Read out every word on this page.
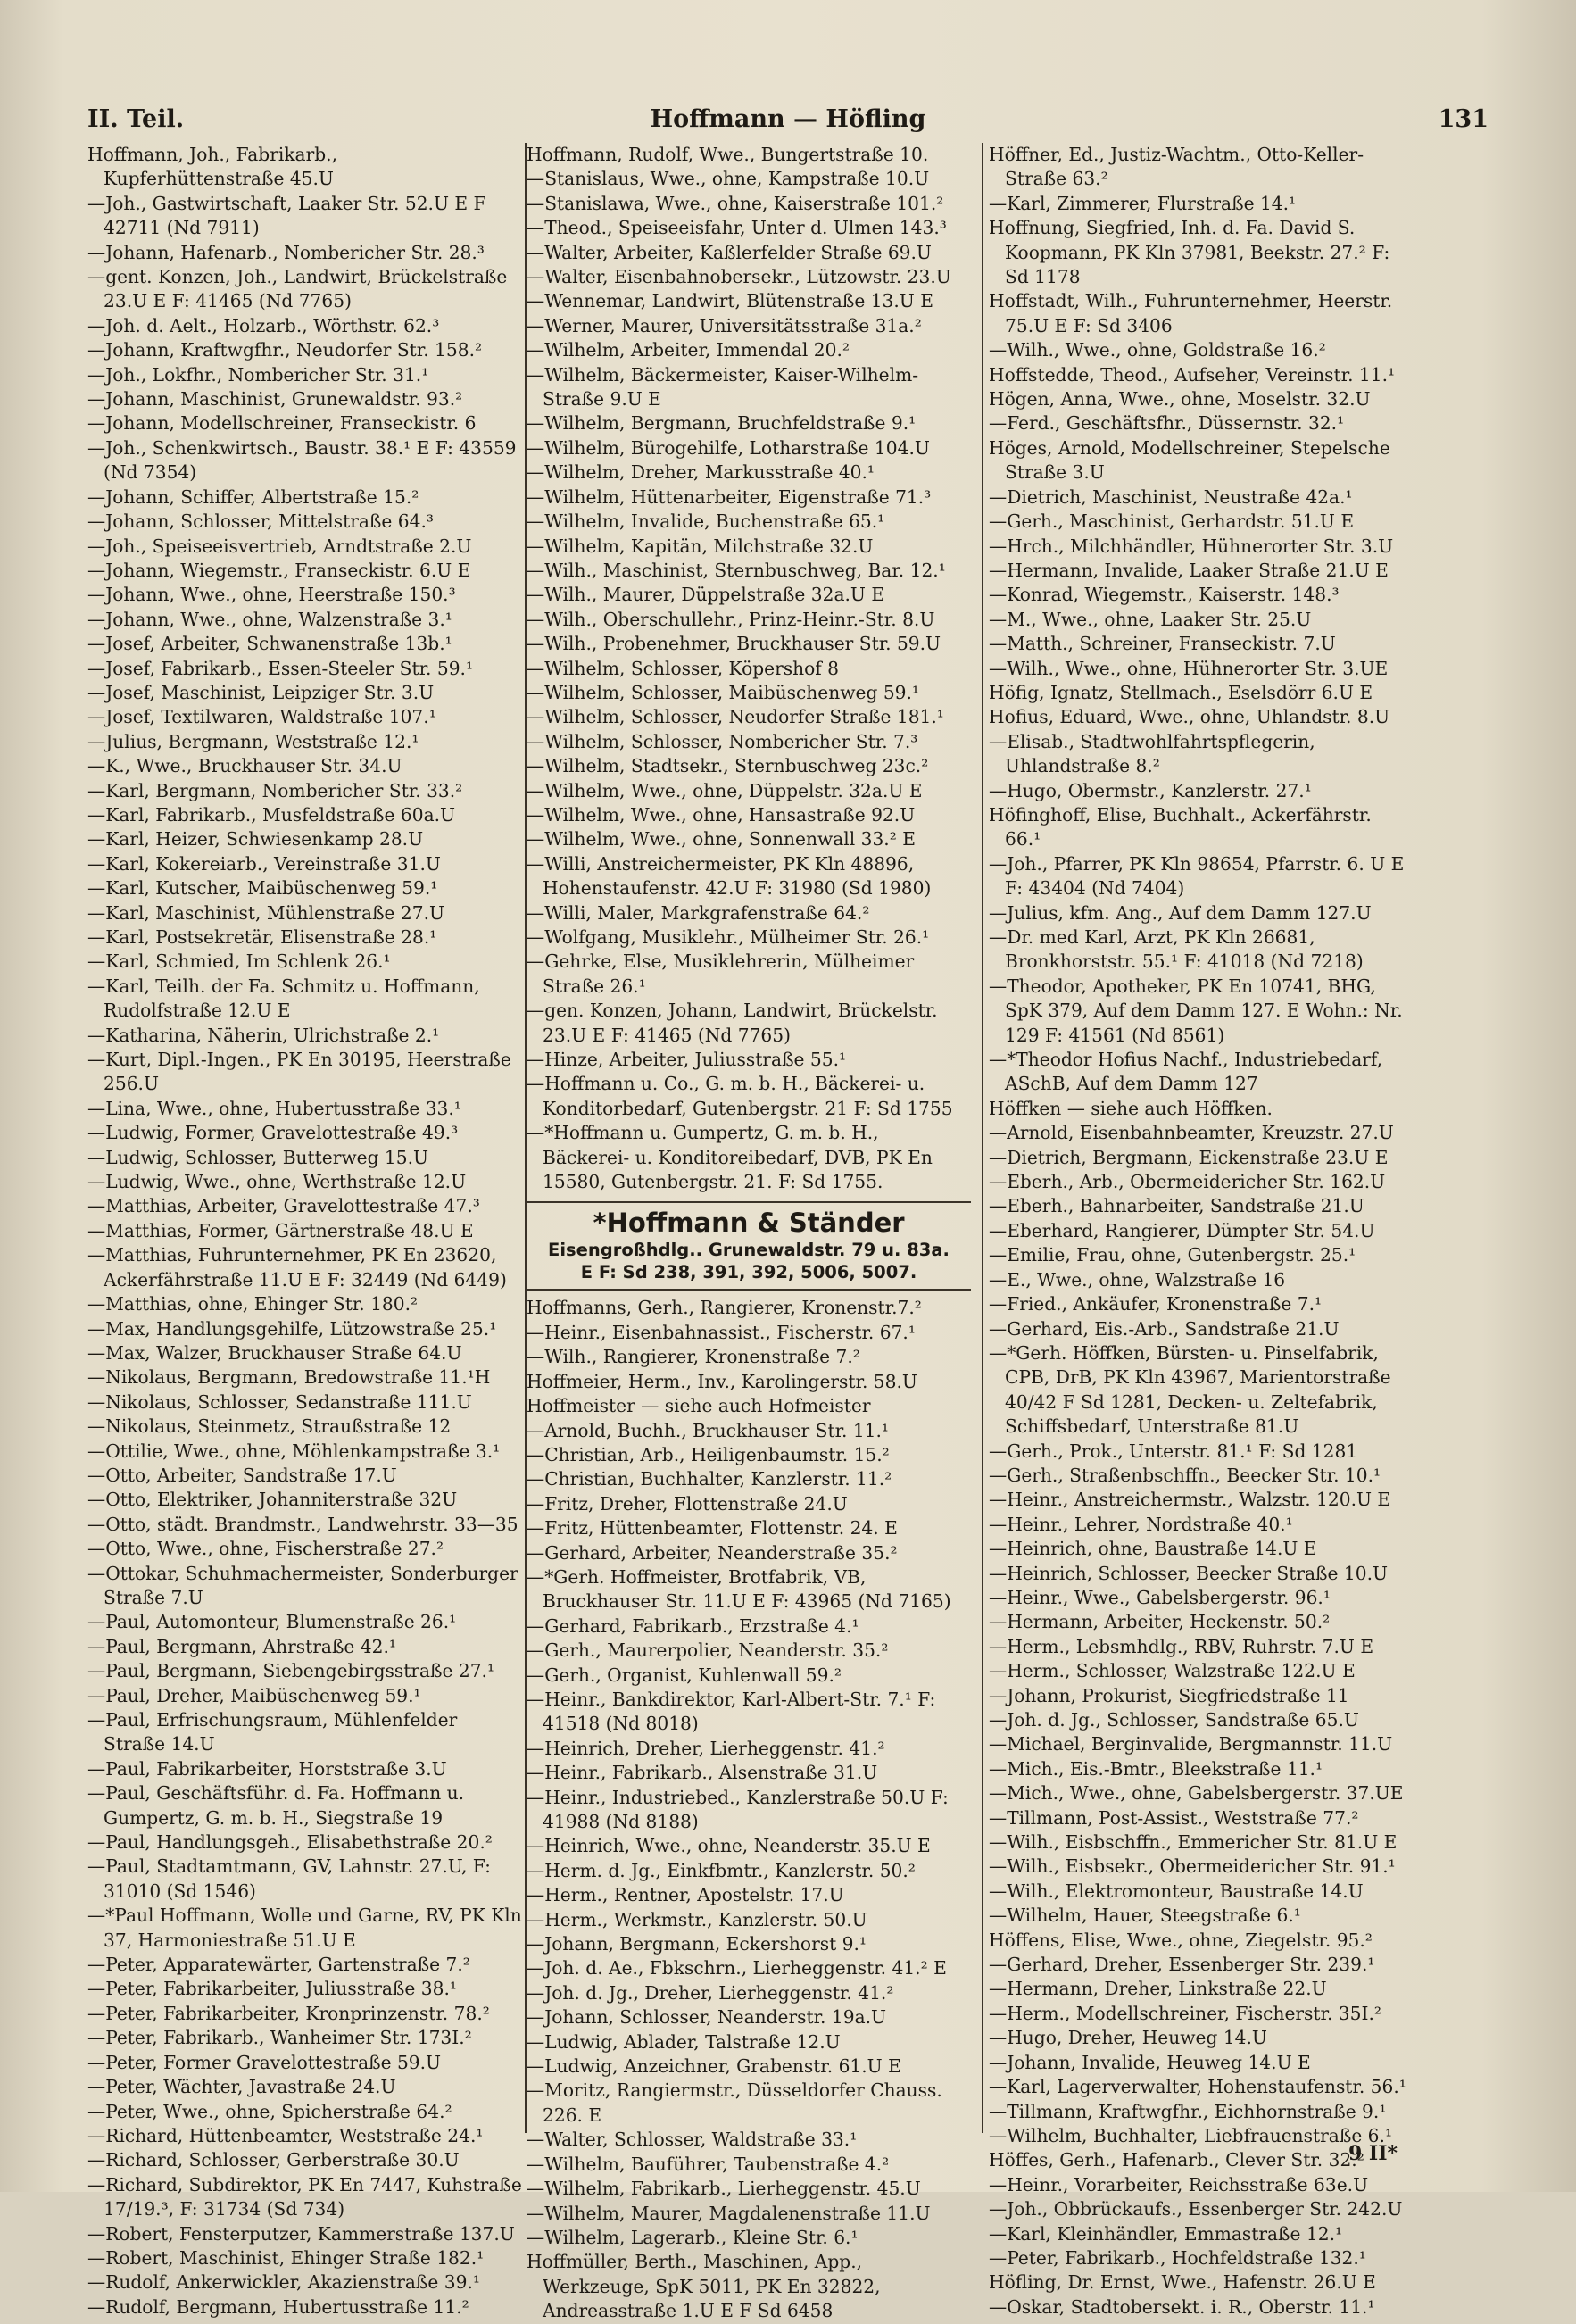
II. Teil.	Hoffmann — Höfling	131

Hoffmann, Joh., Fabrikarb., Kupferhüttenstraße 45.U

—Joh., Gastwirtschaft, Laaker Str. 52.U E F 42711 (Nd 7911)

—Johann, Hafenarb., Nombericher Str. 28.³

—gent. Konzen, Joh., Landwirt, Brückelstraße 23.U E F: 41465 (Nd 7765)

—Joh. d. Aelt., Holzarb., Wörthstr. 62.³

—Johann, Kraftwgfhr., Neudorfer Str. 158.²

—Joh., Lokfhr., Nombericher Str. 31.¹

—Johann, Maschinist, Grunewaldstr. 93.²

—Johann, Modellschreiner, Franseckistr. 6

—Joh., Schenkwirtsch., Baustr. 38.¹ E F: 43559 (Nd 7354)

—Johann, Schiffer, Albertstraße 15.²

—Johann, Schlosser, Mittelstraße 64.³

—Joh., Speiseeisvertrieb, Arndtstraße 2.U

—Johann, Wiegemstr., Franseckistr. 6.U E

—Johann, Wwe., ohne, Heerstraße 150.³

—Johann, Wwe., ohne, Walzenstraße 3.¹

—Josef, Arbeiter, Schwanenstraße 13b.¹

—Josef, Fabrikarb., Essen-Steeler Str. 59.¹

—Josef, Maschinist, Leipziger Str. 3.U

—Josef, Textilwaren, Waldstraße 107.¹

—Julius, Bergmann, Weststraße 12.¹

—K., Wwe., Bruckhauser Str. 34.U

—Karl, Bergmann, Nombericher Str. 33.²

—Karl, Fabrikarb., Musfeldstraße 60a.U

—Karl, Heizer, Schwiesenkamp 28.U

—Karl, Kokereiarb., Vereinstraße 31.U

—Karl, Kutscher, Maibüschenweg 59.¹

—Karl, Maschinist, Mühlenstraße 27.U

—Karl, Postsekretär, Elisenstraße 28.¹

—Karl, Schmied, Im Schlenk 26.¹

—Karl, Teilh. der Fa. Schmitz u. Hoffmann, Rudolfstraße 12.U E

—Katharina, Näherin, Ulrichstraße 2.¹

—Kurt, Dipl.-Ingen., PK En 30195, Heerstraße 256.U

—Lina, Wwe., ohne, Hubertusstraße 33.¹

—Ludwig, Former, Gravelottestraße 49.³

—Ludwig, Schlosser, Butterweg 15.U

—Ludwig, Wwe., ohne, Werthstraße 12.U

—Matthias, Arbeiter, Gravelottestraße 47.³

—Matthias, Former, Gärtnerstraße 48.U E

—Matthias, Fuhrunternehmer, PK En 23620, Ackerfährstraße 11.U E F: 32449 (Nd 6449)

—Matthias, ohne, Ehinger Str. 180.²

—Max, Handlungsgehilfe, Lützowstraße 25.¹

—Max, Walzer, Bruckhauser Straße 64.U

—Nikolaus, Bergmann, Bredowstraße 11.¹H

—Nikolaus, Schlosser, Sedanstraße 111.U

—Nikolaus, Steinmetz, Straußstraße 12

—Ottilie, Wwe., ohne, Möhlenkampstraße 3.¹

—Otto, Arbeiter, Sandstraße 17.U

—Otto, Elektriker, Johanniterstraße 32U

—Otto, städt. Brandmstr., Landwehrstr. 33—35

—Otto, Wwe., ohne, Fischerstraße 27.²

—Ottokar, Schuhmachermeister, Sonderburger Straße 7.U

—Paul, Automonteur, Blumenstraße 26.¹

—Paul, Bergmann, Ahrstraße 42.¹

—Paul, Bergmann, Siebengebirgsstraße 27.¹

—Paul, Dreher, Maibüschenweg 59.¹

—Paul, Erfrischungsraum, Mühlenfelder Straße 14.U

—Paul, Fabrikarbeiter, Horststraße 3.U

—Paul, Geschäftsführ. d. Fa. Hoffmann u. Gumpertz, G. m. b. H., Siegstraße 19

—Paul, Handlungsgeh., Elisabethstraße 20.²

—Paul, Stadtamtmann, GV, Lahnstr. 27.U, F: 31010 (Sd 1546)

—*Paul Hoffmann, Wolle und Garne, RV, PK Kln 37, Harmoniestraße 51.U E

—Peter, Apparatewärter, Gartenstraße 7.²

—Peter, Fabrikarbeiter, Juliusstraße 38.¹

—Peter, Fabrikarbeiter, Kronprinzenstr. 78.²

—Peter, Fabrikarb., Wanheimer Str. 173I.²

—Peter, Former Gravelottestraße 59.U

—Peter, Wächter, Javastraße 24.U

—Peter, Wwe., ohne, Spicherstraße 64.²

—Richard, Hüttenbeamter, Weststraße 24.¹

—Richard, Schlosser, Gerberstraße 30.U

—Richard, Subdirektor, PK En 7447, Kuhstraße 17/19.³, F: 31734 (Sd 734)

—Robert, Fensterputzer, Kammerstraße 137.U

—Robert, Maschinist, Ehinger Straße 182.¹

—Rudolf, Ankerwickler, Akazienstraße 39.¹

—Rudolf, Bergmann, Hubertusstraße 11.²

Hoffmann, Rudolf, Wwe., Bungertstraße 10.

—Stanislaus, Wwe., ohne, Kampstraße 10.U

—Stanislawa, Wwe., ohne, Kaiserstraße 101.²

—Theod., Speiseeisfahr, Unter d. Ulmen 143.³

—Walter, Arbeiter, Kaßlerfelder Straße 69.U

—Walter, Eisenbahnobersekr., Lützowstr. 23.U

—Wennemar, Landwirt, Blütenstraße 13.U E

—Werner, Maurer, Universitätsstraße 31a.²

—Wilhelm, Arbeiter, Immendal 20.²

—Wilhelm, Bäckermeister, Kaiser-Wilhelm-Straße 9.U E

—Wilhelm, Bergmann, Bruchfeldstraße 9.¹

—Wilhelm, Bürogehilfe, Lotharstraße 104.U

—Wilhelm, Dreher, Markusstraße 40.¹

—Wilhelm, Hüttenarbeiter, Eigenstraße 71.³

—Wilhelm, Invalide, Buchenstraße 65.¹

—Wilhelm, Kapitän, Milchstraße 32.U

—Wilh., Maschinist, Sternbuschweg, Bar. 12.¹

—Wilh., Maurer, Düppelstraße 32a.U E

—Wilh., Oberschullehr., Prinz-Heinr.-Str. 8.U

—Wilh., Probenehmer, Bruckhauser Str. 59.U

—Wilhelm, Schlosser, Köpershof 8

—Wilhelm, Schlosser, Maibüschenweg 59.¹

—Wilhelm, Schlosser, Neudorfer Straße 181.¹

—Wilhelm, Schlosser, Nombericher Str. 7.³

—Wilhelm, Stadtsekr., Sternbuschweg 23c.²

—Wilhelm, Wwe., ohne, Düppelstr. 32a.U E

—Wilhelm, Wwe., ohne, Hansastraße 92.U

—Wilhelm, Wwe., ohne, Sonnenwall 33.² E

—Willi, Anstreichermeister, PK Kln 48896, Hohenstaufenstr. 42.U F: 31980 (Sd 1980)

—Willi, Maler, Markgrafenstraße 64.²

—Wolfgang, Musiklehr., Mülheimer Str. 26.¹

—Gehrke, Else, Musiklehrerin, Mülheimer Straße 26.¹

—gen. Konzen, Johann, Landwirt, Brückelstr. 23.U E F: 41465 (Nd 7765)

—Hinze, Arbeiter, Juliusstraße 55.¹

—Hoffmann u. Co., G. m. b. H., Bäckerei- u. Konditorbedarf, Gutenbergstr. 21 F: Sd 1755

—*Hoffmann u. Gumpertz, G. m. b. H., Bäckerei- u. Konditoreibedarf, DVB, PK En 15580, Gutenbergstr. 21. F: Sd 1755.

*Hoffmann & Ständer
Eisengroßhdlg.. Grunewaldstr. 79 u. 83a.
E F: Sd 238, 391, 392, 5006, 5007.

Hoffmanns, Gerh., Rangierer, Kronenstr.7.²

—Heinr., Eisenbahnassist., Fischerstr. 67.¹

—Wilh., Rangierer, Kronenstraße 7.²

Hoffmeier, Herm., Inv., Karolingerstr. 58.U

Hoffmeister — siehe auch Hofmeister

—Arnold, Buchh., Bruckhauser Str. 11.¹

—Christian, Arb., Heiligenbaumstr. 15.²

—Christian, Buchhalter, Kanzlerstr. 11.²

—Fritz, Dreher, Flottenstraße 24.U

—Fritz, Hüttenbeamter, Flottenstr. 24. E

—Gerhard, Arbeiter, Neanderstraße 35.²

—*Gerh. Hoffmeister, Brotfabrik, VB, Bruckhauser Str. 11.U E F: 43965 (Nd 7165)

—Gerhard, Fabrikarb., Erzstraße 4.¹

—Gerh., Maurerpolier, Neanderstr. 35.²

—Gerh., Organist, Kuhlenwall 59.²

—Heinr., Bankdirektor, Karl-Albert-Str. 7.¹ F: 41518 (Nd 8018)

—Heinrich, Dreher, Lierheggenstr. 41.²

—Heinr., Fabrikarb., Alsenstraße 31.U

—Heinr., Industriebed., Kanzlerstraße 50.U F: 41988 (Nd 8188)

—Heinrich, Wwe., ohne, Neanderstr. 35.U E

—Herm. d. Jg., Einkfbmtr., Kanzlerstr. 50.²

—Herm., Rentner, Apostelstr. 17.U

—Herm., Werkmstr., Kanzlerstr. 50.U

—Johann, Bergmann, Eckershorst 9.¹

—Joh. d. Ae., Fbkschrn., Lierheggenstr. 41.² E

—Joh. d. Jg., Dreher, Lierheggenstr. 41.²

—Johann, Schlosser, Neanderstr. 19a.U

—Ludwig, Ablader, Talstraße 12.U

—Ludwig, Anzeichner, Grabenstr. 61.U E

—Moritz, Rangiermstr., Düsseldorfer Chauss. 226. E

—Walter, Schlosser, Waldstraße 33.¹

—Wilhelm, Bauführer, Taubenstraße 4.²

—Wilhelm, Fabrikarb., Lierheggenstr. 45.U

—Wilhelm, Maurer, Magdalenenstraße 11.U

—Wilhelm, Lagerarb., Kleine Str. 6.¹

Hoffmüller, Berth., Maschinen, App., Werkzeuge, SpK 5011, PK En 32822, Andreasstraße 1.U E F Sd 6458

Höffner, Ed., Justiz-Wachtm., Otto-Keller-Straße 63.²

—Karl, Zimmerer, Flurstraße 14.¹

Hoffnung, Siegfried, Inh. d. Fa. David S. Koopmann, PK Kln 37981, Beekstr. 27.² F: Sd 1178

Hoffstadt, Wilh., Fuhrunternehmer, Heerstr. 75.U E F: Sd 3406

—Wilh., Wwe., ohne, Goldstraße 16.²

Hoffstedde, Theod., Aufseher, Vereinstr. 11.¹

Högen, Anna, Wwe., ohne, Moselstr. 32.U

—Ferd., Geschäftsfhr., Düssernstr. 32.¹

Höges, Arnold, Modellschreiner, Stepelsche Straße 3.U

—Dietrich, Maschinist, Neustraße 42a.¹

—Gerh., Maschinist, Gerhardstr. 51.U E

—Hrch., Milchhändler, Hühnerorter Str. 3.U

—Hermann, Invalide, Laaker Straße 21.U E

—Konrad, Wiegemstr., Kaiserstr. 148.³

—M., Wwe., ohne, Laaker Str. 25.U

—Matth., Schreiner, Franseckistr. 7.U

—Wilh., Wwe., ohne, Hühnerorter Str. 3.UE

Höfig, Ignatz, Stellmach., Eselsdörr 6.U E

Hofius, Eduard, Wwe., ohne, Uhlandstr. 8.U

—Elisab., Stadtwohlfahrtspflegerin, Uhlandstraße 8.²

—Hugo, Obermstr., Kanzlerstr. 27.¹

Höfinghoff, Elise, Buchhalt., Ackerfährstr. 66.¹

—Joh., Pfarrer, PK Kln 98654, Pfarrstr. 6. U E F: 43404 (Nd 7404)

—Julius, kfm. Ang., Auf dem Damm 127.U

—Dr. med Karl, Arzt, PK Kln 26681, Bronkhorststr. 55.¹ F: 41018 (Nd 7218)

—Theodor, Apotheker, PK En 10741, BHG, SpK 379, Auf dem Damm 127. E Wohn.: Nr. 129 F: 41561 (Nd 8561)

—*Theodor Hofius Nachf., Industriebedarf, ASchB, Auf dem Damm 127

Höffken — siehe auch Höffken.

—Arnold, Eisenbahnbeamter, Kreuzstr. 27.U

—Dietrich, Bergmann, Eickenstraße 23.U E

—Eberh., Arb., Obermeidericher Str. 162.U

—Eberh., Bahnarbeiter, Sandstraße 21.U

—Eberhard, Rangierer, Dümpter Str. 54.U

—Emilie, Frau, ohne, Gutenbergstr. 25.¹

—E., Wwe., ohne, Walzstraße 16

—Fried., Ankäufer, Kronenstraße 7.¹

—Gerhard, Eis.-Arb., Sandstraße 21.U

—*Gerh. Höffken, Bürsten- u. Pinselfabrik, CPB, DrB, PK Kln 43967, Marientorstraße 40/42 F Sd 1281, Decken- u. Zeltefabrik, Schiffsbedarf, Unterstraße 81.U

—Gerh., Prok., Unterstr. 81.¹ F: Sd 1281

—Gerh., Straßenbschffn., Beecker Str. 10.¹

—Heinr., Anstreichermstr., Walzstr. 120.U E

—Heinr., Lehrer, Nordstraße 40.¹

—Heinrich, ohne, Baustraße 14.U E

—Heinrich, Schlosser, Beecker Straße 10.U

—Heinr., Wwe., Gabelsbergerstr. 96.¹

—Hermann, Arbeiter, Heckenstr. 50.²

—Herm., Lebsmhdlg., RBV, Ruhrstr. 7.U E

—Herm., Schlosser, Walzstraße 122.U E

—Johann, Prokurist, Siegfriedstraße 11

—Joh. d. Jg., Schlosser, Sandstraße 65.U

—Michael, Berginvalide, Bergmannstr. 11.U

—Mich., Eis.-Bmtr., Bleekstraße 11.¹

—Mich., Wwe., ohne, Gabelsbergerstr. 37.UE

—Tillmann, Post-Assist., Weststraße 77.²

—Wilh., Eisbschffn., Emmericher Str. 81.U E

—Wilh., Eisbsekr., Obermeidericher Str. 91.¹

—Wilh., Elektromonteur, Baustraße 14.U

—Wilhelm, Hauer, Steegstraße 6.¹

Höffens, Elise, Wwe., ohne, Ziegelstr. 95.²

—Gerhard, Dreher, Essenberger Str. 239.¹

—Hermann, Dreher, Linkstraße 22.U

—Herm., Modellschreiner, Fischerstr. 35I.²

—Hugo, Dreher, Heuweg 14.U

—Johann, Invalide, Heuweg 14.U E

—Karl, Lagerverwalter, Hohenstaufenstr. 56.¹

—Tillmann, Kraftwgfhr., Eichhornstraße 9.¹

—Wilhelm, Buchhalter, Liebfrauenstraße 6.¹

Höffes, Gerh., Hafenarb., Clever Str. 32.²

—Heinr., Vorarbeiter, Reichsstraße 63e.U

—Joh., Obbrückaufs., Essenberger Str. 242.U

—Karl, Kleinhändler, Emmastraße 12.¹

—Peter, Fabrikarb., Hochfeldstraße 132.¹

Höfling, Dr. Ernst, Wwe., Hafenstr. 26.U E

—Oskar, Stadtobersekt. i. R., Oberstr. 11.¹

9 II*
